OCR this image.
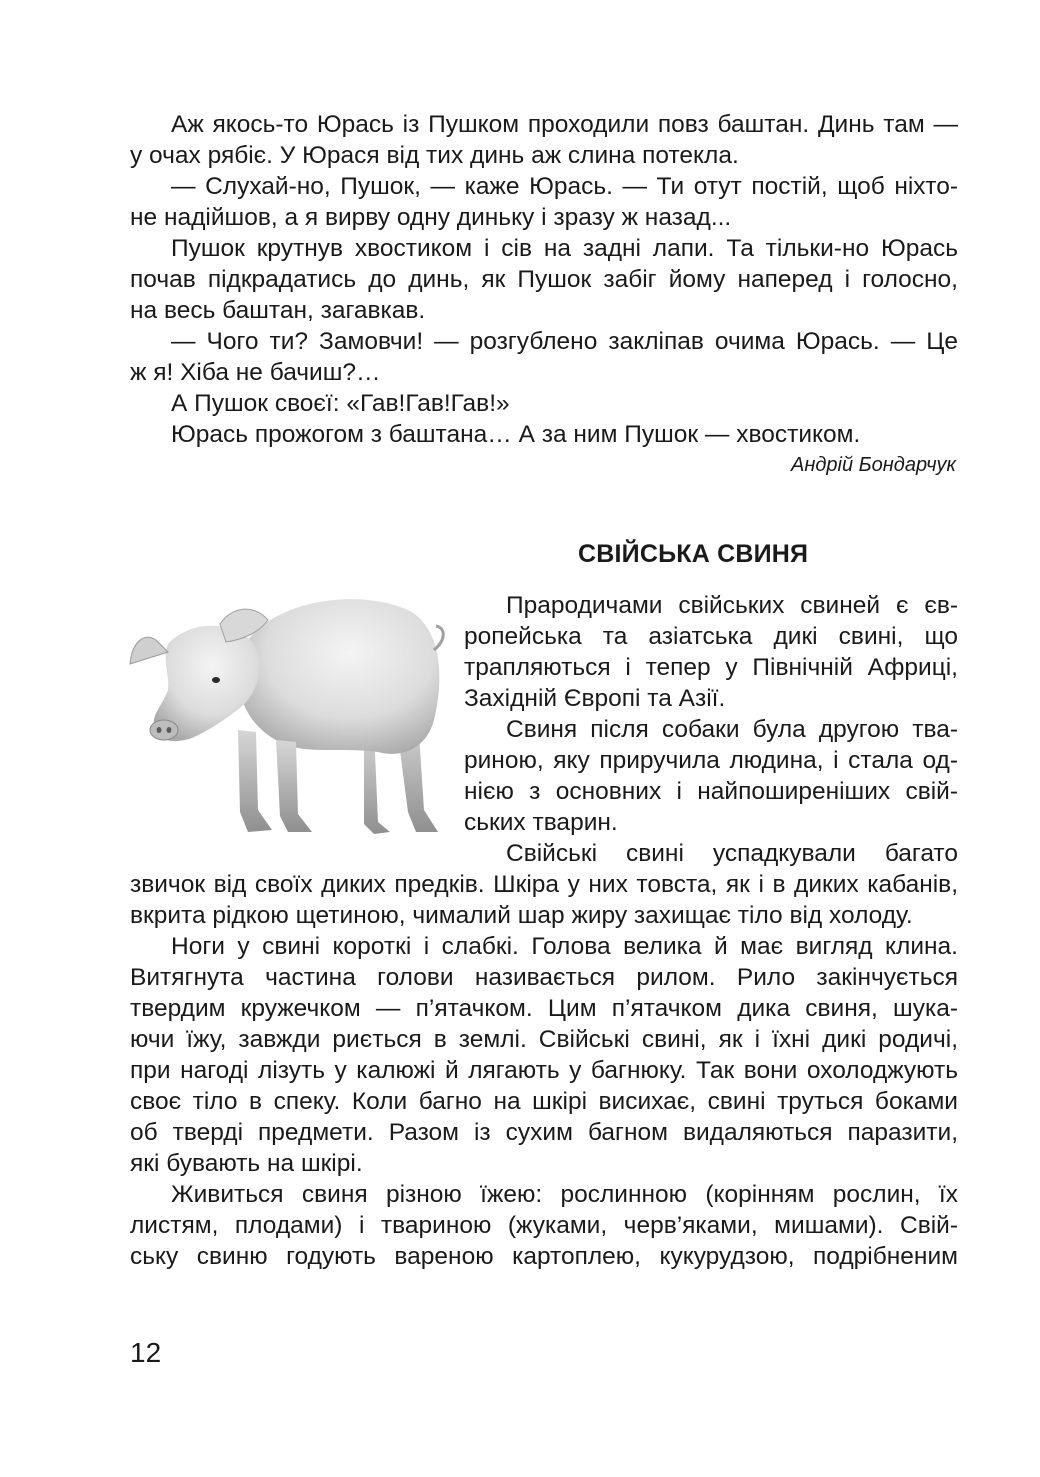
Аж якось-то Юрась із Пушком проходили повз баштан. Динь там —
у очах рябіє. У Юрася від тих динь аж слина потекла.
— Слухай-но, Пушок, — каже Юрась. — Ти отут постій, щоб ніхто-
не надійшов, а я вирву одну диньку і зразу ж назад...
Пушок крутнув хвостиком і сів на задні лапи. Та тільки-но Юрась
почав підкрадатись до динь, як Пушок забіг йому наперед і голосно,
на весь баштан, загавкав.
— Чого ти? Замовчи! — розгублено заклiпав очима Юрась. — Це
ж я! Хіба не бачиш?…
А Пушок своєї: «Гав!Гав!Гав!»
Юрась прожогом з баштана… А за ним Пушок — хвостиком.
Андрій Бондарчук
СВІЙСЬКА СВИНЯ
Прародичами свійських свиней є єв-
ропейська та азіатська дикі свині, що
трапляються і тепер у Північній Африці,
Західній Європі та Азії.
Свиня після собаки була другою тва-
риною, яку приручила людина, і стала од-
нією з основних і найпоширеніших свій-
ських тварин.
Свійські свині успадкували багато
звичок від своїх диких предків. Шкіра у них товста, як і в диких кабанів,
вкрита рідкою щетиною, чималий шар жиру захищає тіло від холоду.
Ноги у свині короткі і слабкі. Голова велика й має вигляд клина.
Витягнута частина голови називається рилом. Рило закінчується
твердим кружечком — п’ятачком. Цим п’ятачком дика свиня, шука-
ючи їжу, завжди риється в землі. Свійські свині, як і їхні дикі родичі,
при нагоді лізуть у калюжі й лягають у багнюку. Так вони охолоджують
своє тіло в спеку. Коли багно на шкірі висихає, свині труться боками
об тверді предмети. Разом із сухим багном видаляються паразити,
які бувають на шкірі.
Живиться свиня різною їжею: рослинною (корінням рослин, їх
листям, плодами) і твариною (жуками, черв’яками, мишами). Свій-
ську свиню годують вареною картоплею, кукурудзою, подрібненим
12
